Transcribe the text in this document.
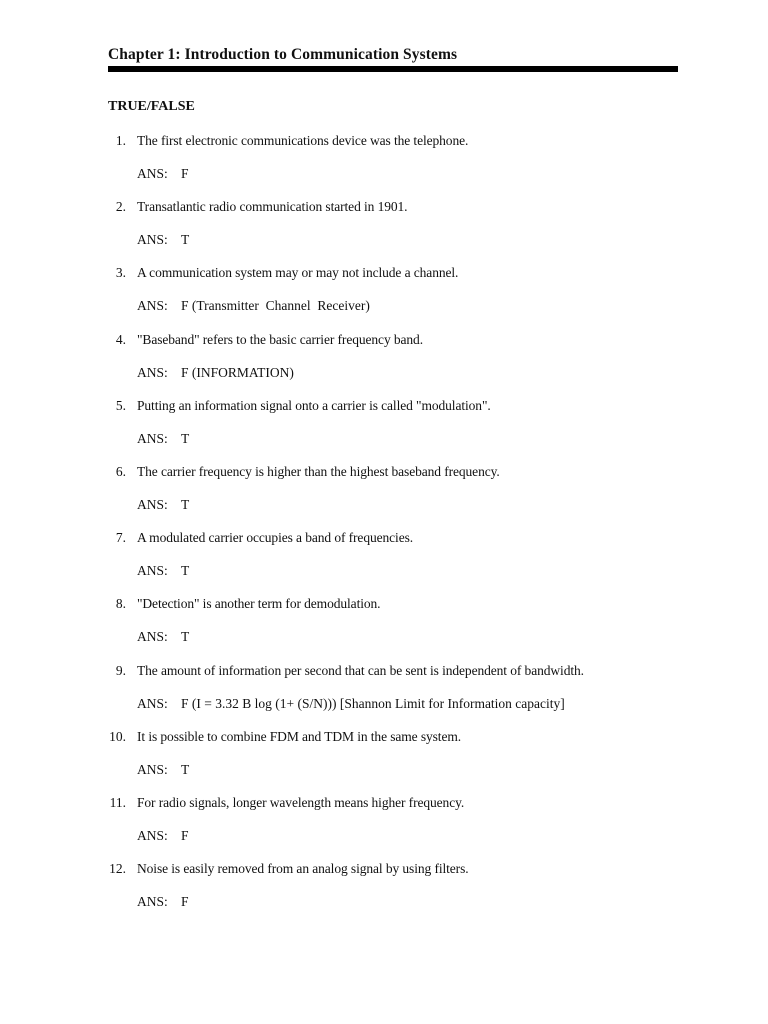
Chapter 1: Introduction to Communication Systems
TRUE/FALSE
1. The first electronic communications device was the telephone.
ANS: F
2. Transatlantic radio communication started in 1901.
ANS: T
3. A communication system may or may not include a channel.
ANS: F (Transmitter  Channel  Receiver)
4. "Baseband" refers to the basic carrier frequency band.
ANS: F (INFORMATION)
5. Putting an information signal onto a carrier is called "modulation".
ANS: T
6. The carrier frequency is higher than the highest baseband frequency.
ANS: T
7. A modulated carrier occupies a band of frequencies.
ANS: T
8. "Detection" is another term for demodulation.
ANS: T
9. The amount of information per second that can be sent is independent of bandwidth.
ANS: F (I = 3.32 B log (1+ (S/N))) [Shannon Limit for Information capacity]
10. It is possible to combine FDM and TDM in the same system.
ANS: T
11. For radio signals, longer wavelength means higher frequency.
ANS: F
12. Noise is easily removed from an analog signal by using filters.
ANS: F
